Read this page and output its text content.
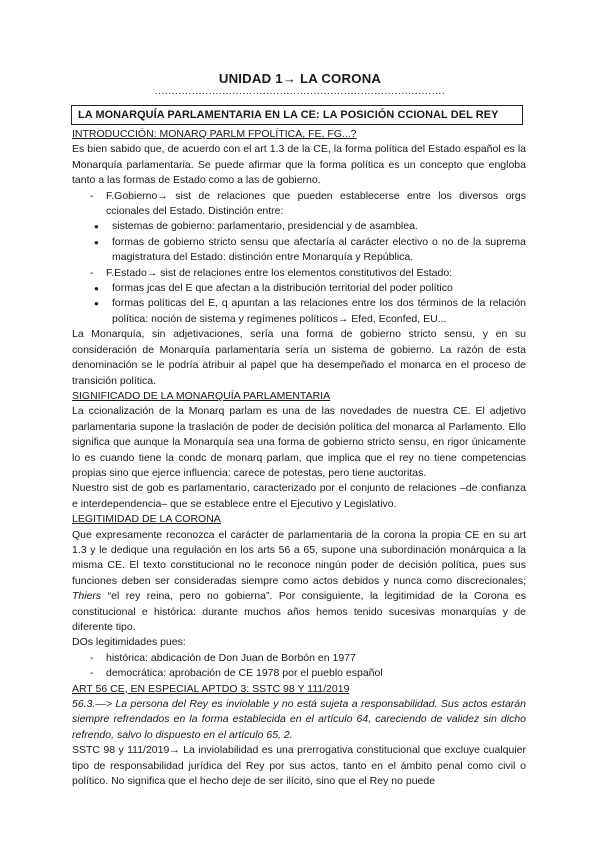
UNIDAD 1→ LA CORONA
......................................................................................
LA MONARQUÍA PARLAMENTARIA EN LA CE: LA POSICIÓN CCIONAL DEL REY

INTRODUCCIÓN: MONARQ PARLM FPOLÍTICA, FE, FG...?

Es bien sabido que, de acuerdo con el art 1.3 de la CE, la forma política del Estado español es la Monarquía parlamentaria. Se puede afirmar que la forma política es un concepto que engloba tanto a las formas de Estado como a las de gobierno.

- F.Gobierno→ sist de relaciones que pueden establecerse entre los diversos orgs ccionales del Estado. Distinción entre:
● sistemas de gobierno: parlamentario, presidencial y de asamblea.
● formas de gobierno stricto sensu que afectaría al carácter electivo o no de la suprema magistratura del Estado: distinción entre Monarquía y República.
- F.Estado→ sist de relaciones entre los elementos constitutivos del Estado:
● formas jcas del E que afectan a la distribución territorial del poder político
● formas políticas del E, q apuntan a las relaciones entre los dos términos de la relación política: noción de sistema y regímenes políticos→ Efed, Econfed, EU...

La Monarquía, sin adjetivaciones, sería una forma de gobierno stricto sensu, y en su consideración de Monarquía parlamentaria sería un sistema de gobierno. La razón de esta denominación se le podría atribuir al papel que ha desempeñado el monarca en el proceso de transición política.

SIGNIFICADO DE LA MONARQUÍA PARLAMENTARIA

La ccionalización de la Monarq parlam es una de las novedades de nuestra CE. El adjetivo parlamentaria supone la traslación de poder de decisión política del monarca al Parlamento. Ello significa que aunque la Monarquía sea una forma de gobierno stricto sensu, en rigor únicamente lo es cuando tiene la condc de monarq parlam, que implica que el rey no tiene competencias propias sino que ejerce influencia: carece de potestas, pero tiene auctoritas.

Nuestro sist de gob es parlamentario, caracterizado por el conjunto de relaciones –de confianza e interdependencia– que se establece entre el Ejecutivo y Legislativo.

LEGITIMIDAD DE LA CORONA

Que expresamente reconozca el carácter de parlamentaria de la corona la propia CE en su art 1.3 y le dedique una regulación en los arts 56 a 65, supone una subordinación monárquica a la misma CE. El texto constitucional no le reconoce ningún poder de decisión política, pues sus funciones deben ser consideradas siempre como actos debidos y nunca como discrecionales; Thiers “el rey reina, pero no gobierna”. Por consiguiente, la legitimidad de la Corona es constitucional e histórica: durante muchos años hemos tenido sucesivas monarquías y de diferente tipo.

DOs legitimidades pues:

- histórica: abdicación de Don Juan de Borbón en 1977
- democrática: aprobación de CE 1978 por el pueblo español

ART 56 CE, EN ESPECIAL APTDO 3: SSTC 98 Y 111/2019

56.3.—> La persona del Rey es inviolable y no está sujeta a responsabilidad. Sus actos estarán siempre refrendados en la forma establecida en el artículo 64, careciendo de validez sin dicho refrendo, salvo lo dispuesto en el artículo 65, 2.

SSTC 98 y 111/2019→ La inviolabilidad es una prerrogativa constitucional que excluye cualquier tipo de responsabilidad jurídica del Rey por sus actos, tanto en el ámbito penal como civil o político. No significa que el hecho deje de ser ilícito, sino que el Rey no puede
